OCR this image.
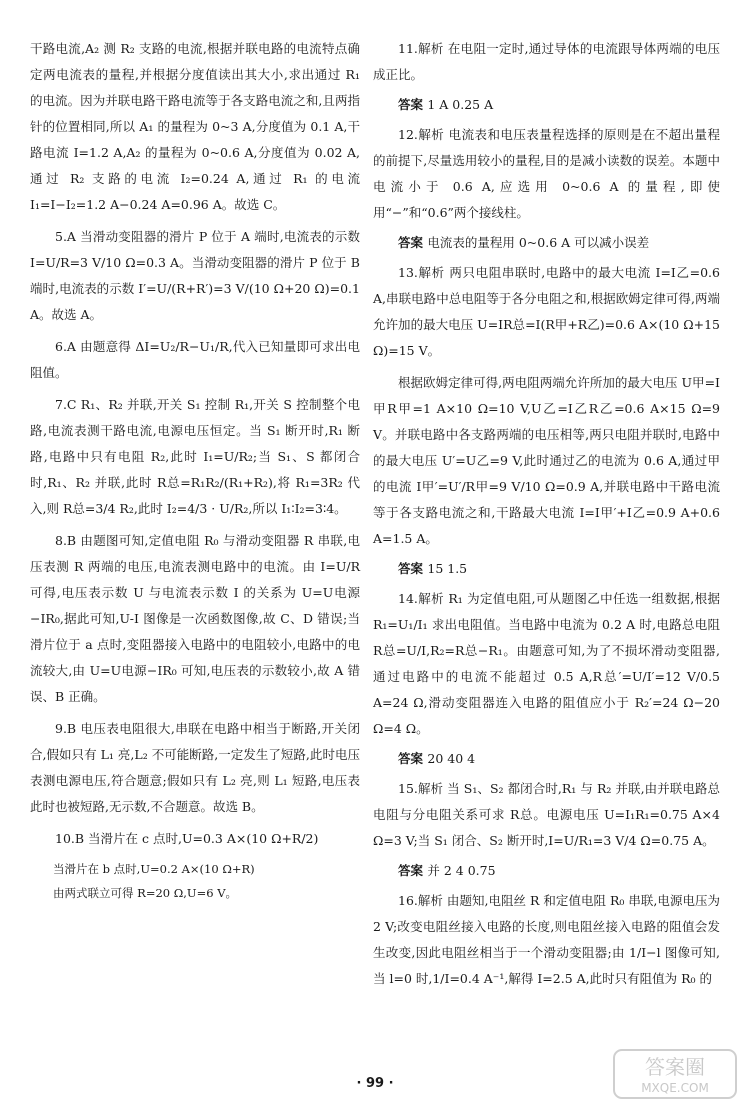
干路电流,A₂ 测 R₂ 支路的电流,根据并联电路的电流特点确定两电流表的量程,并根据分度值读出其大小,求出通过 R₁ 的电流。因为并联电路干路电流等于各支路电流之和,且两指针的位置相同,所以 A₁ 的量程为 0~3 A,分度值为 0.1 A,干路电流 I=1.2 A,A₂ 的量程为 0~0.6 A,分度值为 0.02 A,通过 R₂ 支路的电流 I₂=0.24 A,通过 R₁ 的电流 I₁=I−I₂=1.2 A−0.24 A=0.96 A。故选 C。
5.A 当滑动变阻器的滑片 P 位于 A 端时,电流表的示数 I=U/R=3 V/10 Ω=0.3 A。当滑动变阻器的滑片 P 位于 B 端时,电流表的示数 I′=U/(R+R′)=3 V/(10 Ω+20 Ω)=0.1 A。故选 A。
6.A 由题意得 ΔI=U₂/R−U₁/R,代入已知量即可求出电阻值。
7.C R₁、R₂ 并联,开关 S₁ 控制 R₁,开关 S 控制整个电路,电流表测干路电流,电源电压恒定。当 S₁ 断开时,R₁ 断路,电路中只有电阻 R₂,此时 I₁=U/R₂;当 S₁、S 都闭合时,R₁、R₂ 并联,此时 R总=R₁R₂/(R₁+R₂),将 R₁=3R₂ 代入,则 R总=3/4 R₂,此时 I₂=4/3 · U/R₂,所以 I₁∶I₂=3∶4。
8.B 由题图可知,定值电阻 R₀ 与滑动变阻器 R 串联,电压表测 R 两端的电压,电流表测电路中的电流。由 I=U/R 可得,电压表示数 U 与电流表示数 I 的关系为 U=U电源−IR₀,据此可知,U-I 图像是一次函数图像,故 C、D 错误;当滑片位于 a 点时,变阻器接入电路中的电阻较小,电路中的电流较大,由 U=U电源−IR₀ 可知,电压表的示数较小,故 A 错误、B 正确。
9.B 电压表电阻很大,串联在电路中相当于断路,开关闭合,假如只有 L₁ 亮,L₂ 不可能断路,一定发生了短路,此时电压表测电源电压,符合题意;假如只有 L₂ 亮,则 L₁ 短路,电压表此时也被短路,无示数,不合题意。故选 B。
10.B 当滑片在 c 点时,U=0.3 A×(10 Ω+R/2)
当滑片在 b 点时,U=0.2 A×(10 Ω+R)
由两式联立可得 R=20 Ω,U=6 V。
11.解析 在电阻一定时,通过导体的电流跟导体两端的电压成正比。
答案 1 A 0.25 A
12.解析 电流表和电压表量程选择的原则是在不超出量程的前提下,尽量选用较小的量程,目的是减小读数的误差。本题中电流小于 0.6 A,应选用 0~0.6 A 的量程,即使用“−”和“0.6”两个接线柱。
答案 电流表的量程用 0~0.6 A 可以减小误差
13.解析 两只电阻串联时,电路中的最大电流 I=I乙=0.6 A,串联电路中总电阻等于各分电阻之和,根据欧姆定律可得,两端允许加的最大电压 U=IR总=I(R甲+R乙)=0.6 A×(10 Ω+15 Ω)=15 V。
根据欧姆定律可得,两电阻两端允许所加的最大电压 U甲=I甲R甲=1 A×10 Ω=10 V,U乙=I乙R乙=0.6 A×15 Ω=9 V。并联电路中各支路两端的电压相等,两只电阻并联时,电路中的最大电压 U′=U乙=9 V,此时通过乙的电流为 0.6 A,通过甲的电流 I甲′=U′/R甲=9 V/10 Ω=0.9 A,并联电路中干路电流等于各支路电流之和,干路最大电流 I=I甲′+I乙=0.9 A+0.6 A=1.5 A。
答案 15 1.5
14.解析 R₁ 为定值电阻,可从题图乙中任选一组数据,根据 R₁=U₁/I₁ 求出电阻值。当电路中电流为 0.2 A 时,电路总电阻 R总=U/I,R₂=R总−R₁。由题意可知,为了不损坏滑动变阻器,通过电路中的电流不能超过 0.5 A,R总′=U/I′=12 V/0.5 A=24 Ω,滑动变阻器连入电路的阻值应小于 R₂′=24 Ω−20 Ω=4 Ω。
答案 20 40 4
15.解析 当 S₁、S₂ 都闭合时,R₁ 与 R₂ 并联,由并联电路总电阻与分电阻关系可求 R总。电源电压 U=I₁R₁=0.75 A×4 Ω=3 V;当 S₁ 闭合、S₂ 断开时,I=U/R₁=3 V/4 Ω=0.75 A。
答案 并 2 4 0.75
16.解析 由题知,电阻丝 R 和定值电阻 R₀ 串联,电源电压为 2 V;改变电阻丝接入电路的长度,则电阻丝接入电路的阻值会发生改变,因此电阻丝相当于一个滑动变阻器;由 1/I−l 图像可知,当 l=0 时,1/I=0.4 A⁻¹,解得 I=2.5 A,此时只有阻值为 R₀ 的
· 99 ·
答案圈
MXQE.COM
